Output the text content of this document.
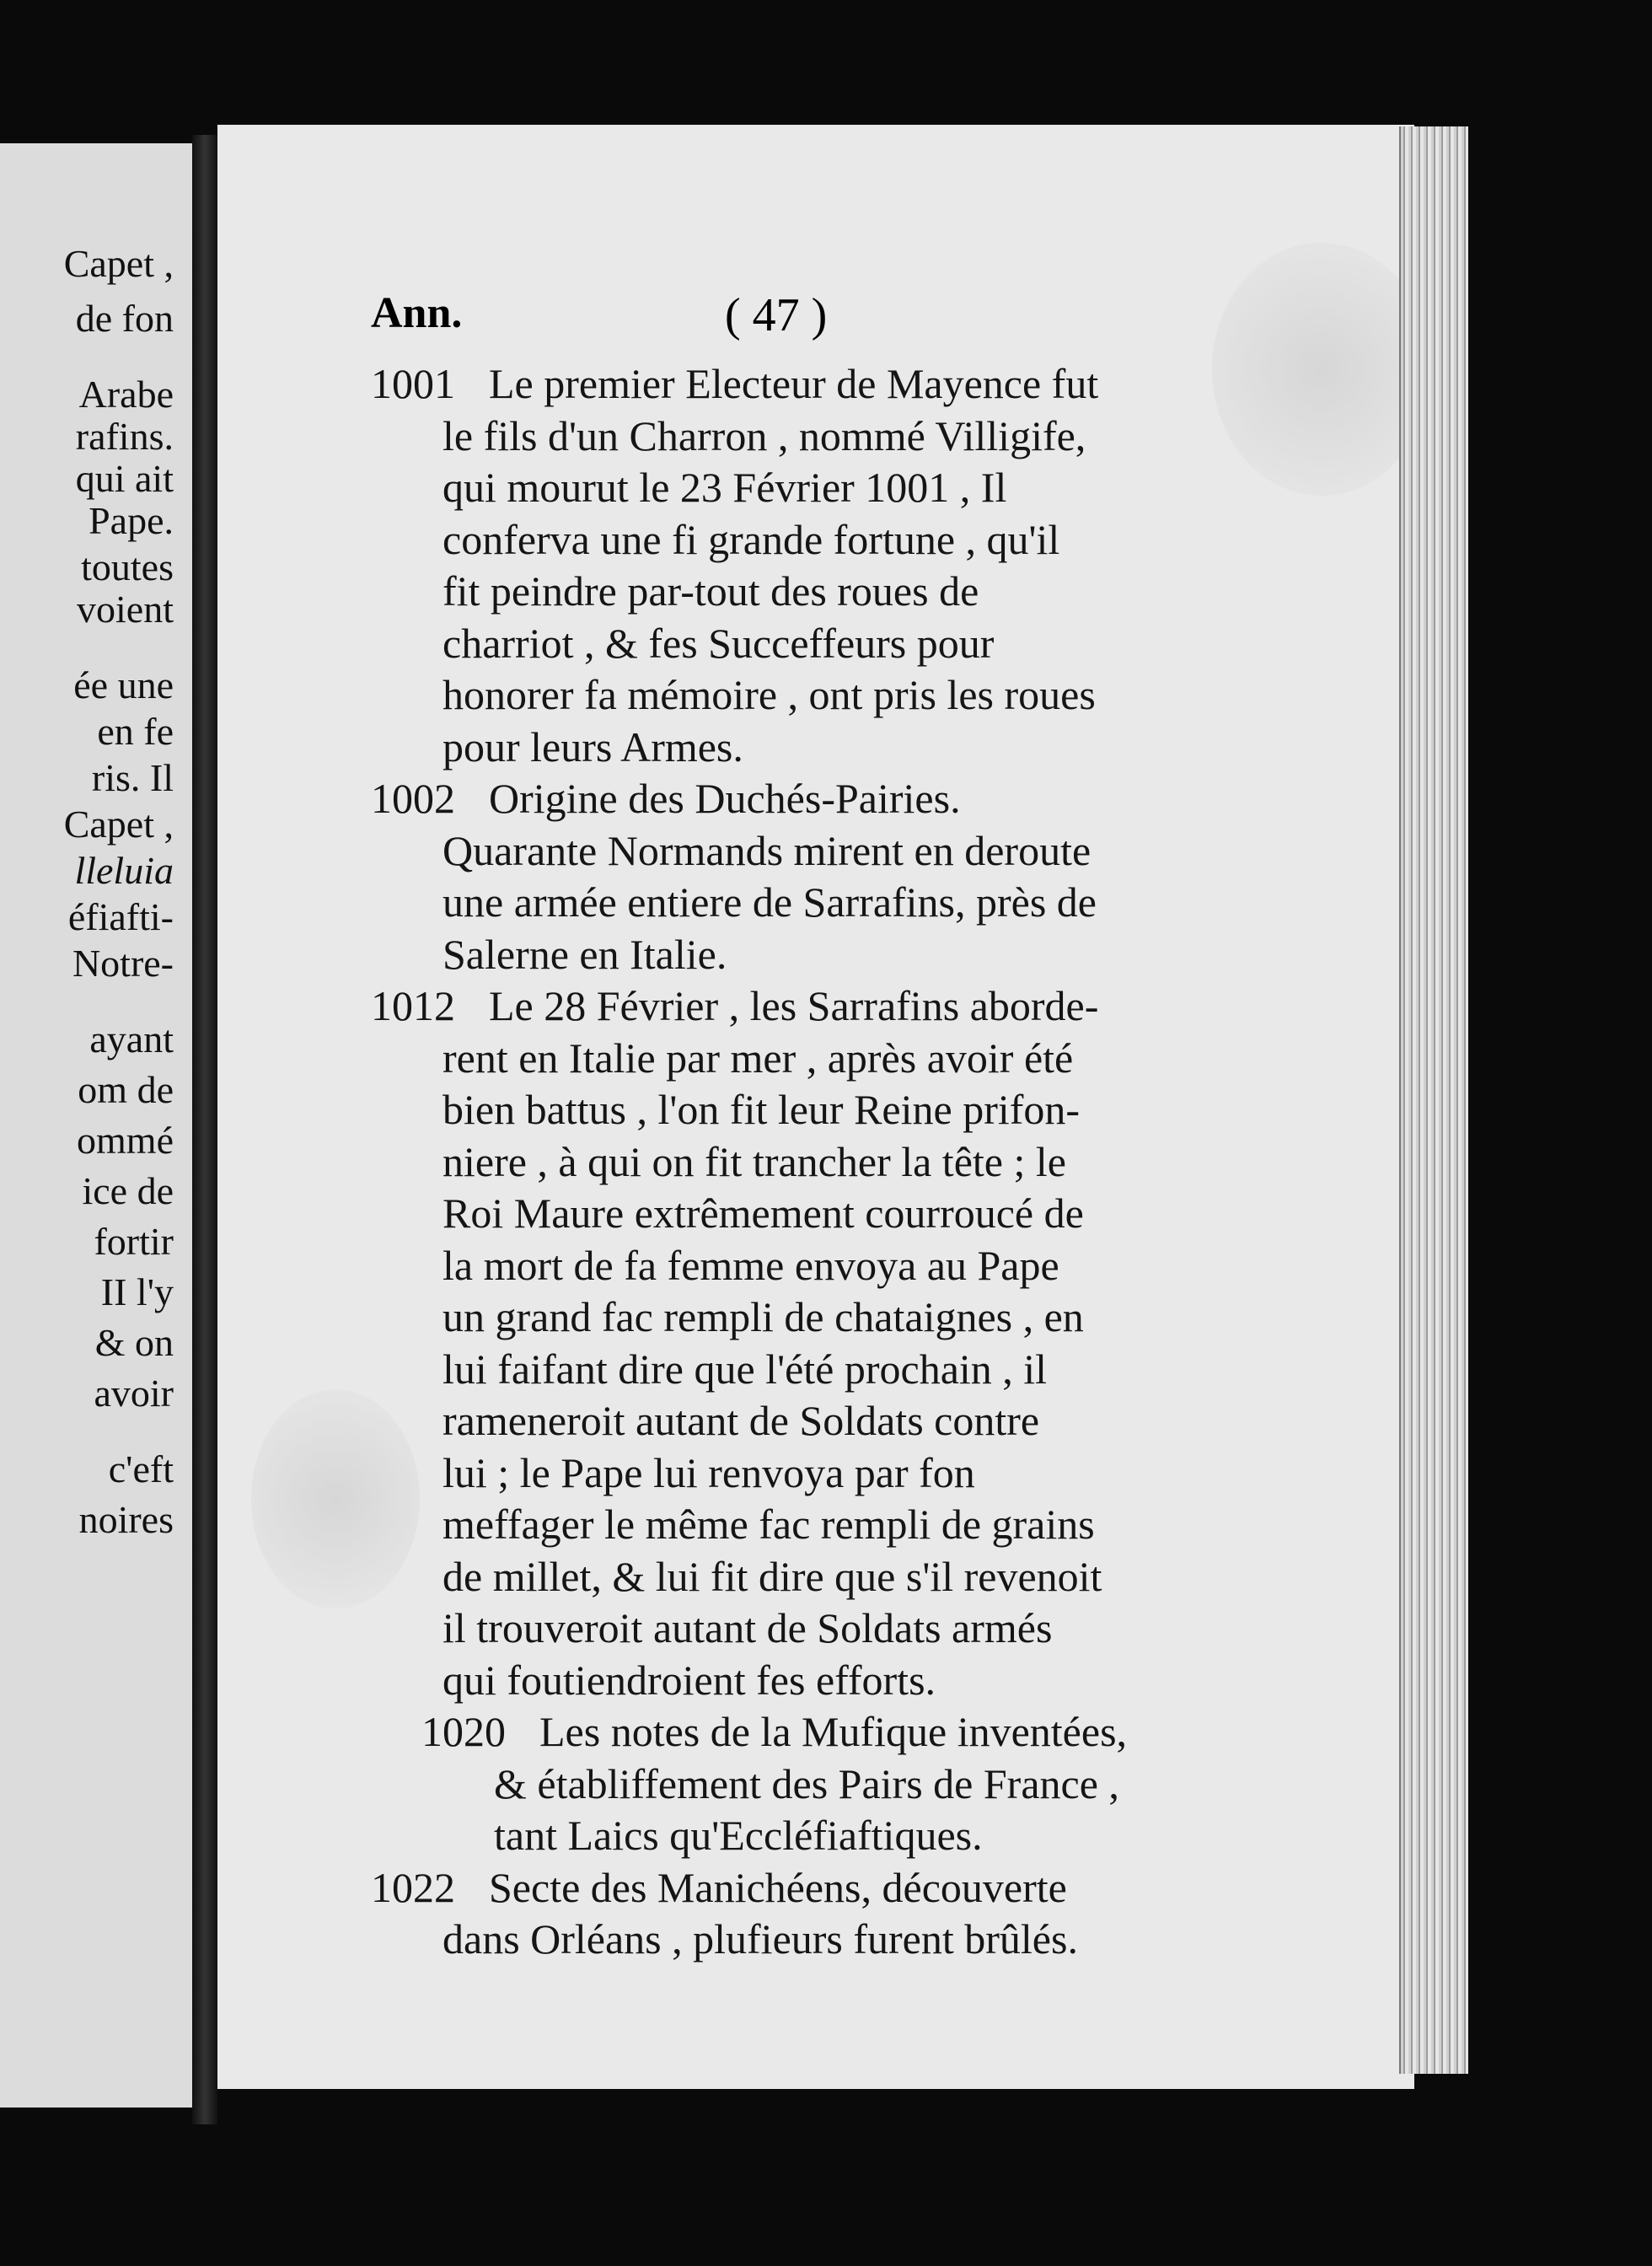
Capet ,
de fon
Arabe
rafins.
qui ait
Pape.
toutes
voient
ée une
en fe
ris. Il
Capet ,
lleluia
éfiafti-
Notre-
ayant
om de
ommé
ice de
fortir
II l'y
& on
avoir
c'eft
noires
Ann.	( 47 )
1001 Le premier Electeur de Mayence fut
le fils d'un Charron , nommé Villigife,
qui mourut le 23 Février 1001 , Il
conferva une fi grande fortune , qu'il
fit peindre par-tout des roues de
charriot , & fes Succeffeurs pour
honorer fa mémoire , ont pris les roues
pour leurs Armes.
1002 Origine des Duchés-Pairies.
Quarante Normands mirent en deroute
une armée entiere de Sarrafins, près de
Salerne en Italie.
1012 Le 28 Février , les Sarrafins aborde-
rent en Italie par mer , après avoir été
bien battus , l'on fit leur Reine prifon-
niere , à qui on fit trancher la tête ; le
Roi Maure extrêmement courroucé de
la mort de fa femme envoya au Pape
un grand fac rempli de chataignes , en
lui faifant dire que l'été prochain , il
rameneroit autant de Soldats contre
lui ; le Pape lui renvoya par fon
meffager le même fac rempli de grains
de millet, & lui fit dire que s'il revenoit
il trouveroit autant de Soldats armés
qui foutiendroient fes efforts.
1020 Les notes de la Mufique inventées,
& établiffement des Pairs de France ,
tant Laics qu'Eccléfiaftiques.
1022 Secte des Manichéens, découverte
dans Orléans , plufieurs furent brûlés.
